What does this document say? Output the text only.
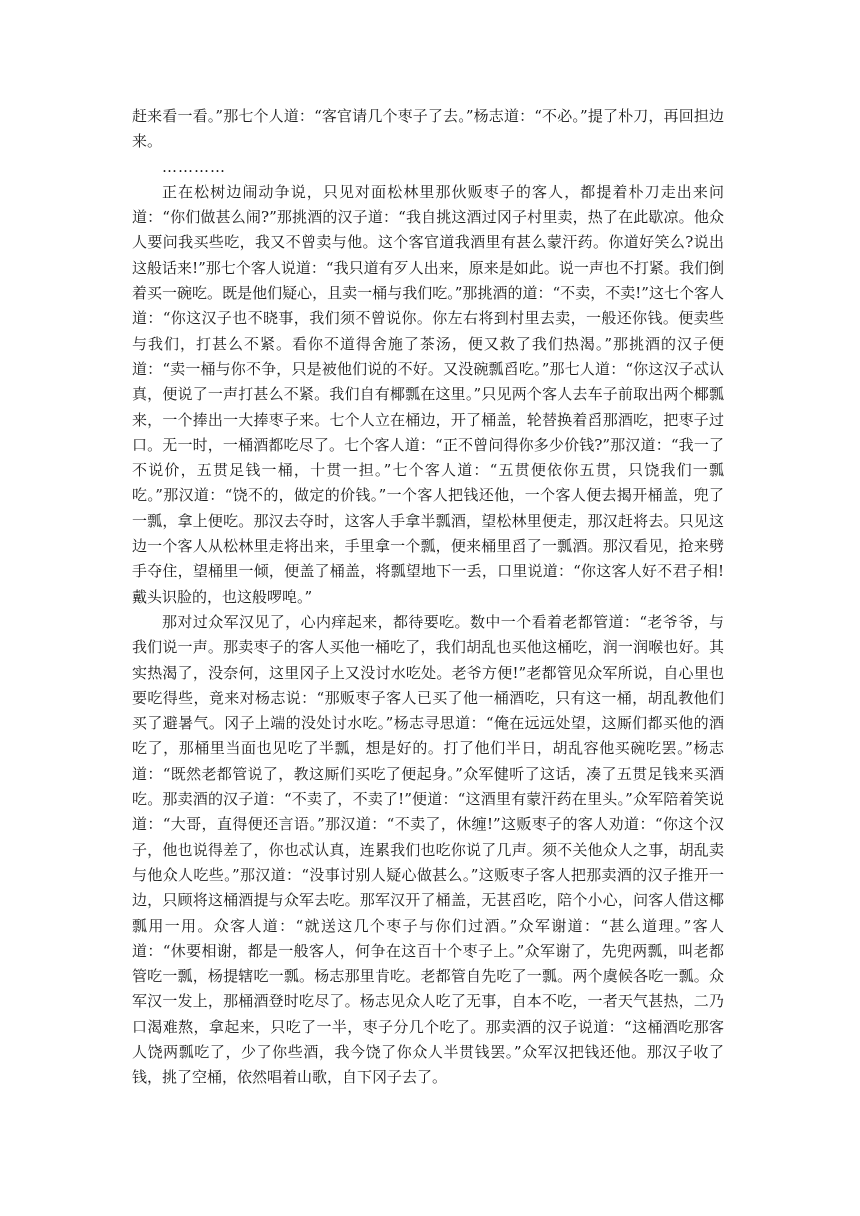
赶来看一看。”那七个人道：“客官请几个枣子了去。”杨志道：“不必。”提了朴刀，再回担边来。

…………

正在松树边闹动争说，只见对面松林里那伙贩枣子的客人，都提着朴刀走出来问道：“你们做甚么闹?”那挑酒的汉子道：“我自挑这酒过冈子村里卖，热了在此歇凉。他众人要问我买些吃，我又不曾卖与他。这个客官道我酒里有甚么蒙汗药。你道好笑么?说出这般话来!”那七个客人说道：“我只道有歹人出来，原来是如此。说一声也不打紧。我们倒着买一碗吃。既是他们疑心，且卖一桶与我们吃。”那挑酒的道：“不卖，不卖!”这七个客人道：“你这汉子也不晓事，我们须不曾说你。你左右将到村里去卖，一般还你钱。便卖些与我们，打甚么不紧。看你不道得舍施了茶汤，便又救了我们热渴。”那挑酒的汉子便道：“卖一桶与你不争，只是被他们说的不好。又没碗瓢舀吃。”那七人道：“你这汉子忒认真，便说了一声打甚么不紧。我们自有椰瓢在这里。”只见两个客人去车子前取出两个椰瓢来，一个捧出一大捧枣子来。七个人立在桶边，开了桶盖，轮替换着舀那酒吃，把枣子过口。无一时，一桶酒都吃尽了。七个客人道：“正不曾问得你多少价钱?”那汉道：“我一了不说价，五贯足钱一桶，十贯一担。”七个客人道：“五贯便依你五贯，只饶我们一瓢吃。”那汉道：“饶不的，做定的价钱。”一个客人把钱还他，一个客人便去揭开桶盖，兜了一瓢，拿上便吃。那汉去夺时，这客人手拿半瓢酒，望松林里便走，那汉赶将去。只见这边一个客人从松林里走将出来，手里拿一个瓢，便来桶里舀了一瓢酒。那汉看见，抢来劈手夺住，望桶里一倾，便盖了桶盖，将瓢望地下一丢，口里说道：“你这客人好不君子相!戴头识脸的，也这般啰唣。”

那对过众军汉见了，心内痒起来，都待要吃。数中一个看着老都管道：“老爷爷，与我们说一声。那卖枣子的客人买他一桶吃了，我们胡乱也买他这桶吃，润一润喉也好。其实热渴了，没奈何，这里冈子上又没讨水吃处。老爷方便!”老都管见众军所说，自心里也要吃得些，竟来对杨志说：“那贩枣子客人已买了他一桶酒吃，只有这一桶，胡乱教他们买了避暑气。冈子上端的没处讨水吃。”杨志寻思道：“俺在远远处望，这厮们都买他的酒吃了，那桶里当面也见吃了半瓢，想是好的。打了他们半日，胡乱容他买碗吃罢。”杨志道：“既然老都管说了，教这厮们买吃了便起身。”众军健听了这话，凑了五贯足钱来买酒吃。那卖酒的汉子道：“不卖了，不卖了!”便道：“这酒里有蒙汗药在里头。”众军陪着笑说道：“大哥，直得便还言语。”那汉道：“不卖了，休缠!”这贩枣子的客人劝道：“你这个汉子，他也说得差了，你也忒认真，连累我们也吃你说了几声。须不关他众人之事，胡乱卖与他众人吃些。”那汉道：“没事讨别人疑心做甚么。”这贩枣子客人把那卖酒的汉子推开一边，只顾将这桶酒提与众军去吃。那军汉开了桶盖，无甚舀吃，陪个小心，问客人借这椰瓢用一用。众客人道：“就送这几个枣子与你们过酒。”众军谢道：“甚么道理。”客人道：“休要相谢，都是一般客人，何争在这百十个枣子上。”众军谢了，先兜两瓢，叫老都管吃一瓢，杨提辖吃一瓢。杨志那里肯吃。老都管自先吃了一瓢。两个虞候各吃一瓢。众军汉一发上，那桶酒登时吃尽了。杨志见众人吃了无事，自本不吃，一者天气甚热，二乃口渴难熬，拿起来，只吃了一半，枣子分几个吃了。那卖酒的汉子说道：“这桶酒吃那客人饶两瓢吃了，少了你些酒，我今饶了你众人半贯钱罢。”众军汉把钱还他。那汉子收了钱，挑了空桶，依然唱着山歌，自下冈子去了。
